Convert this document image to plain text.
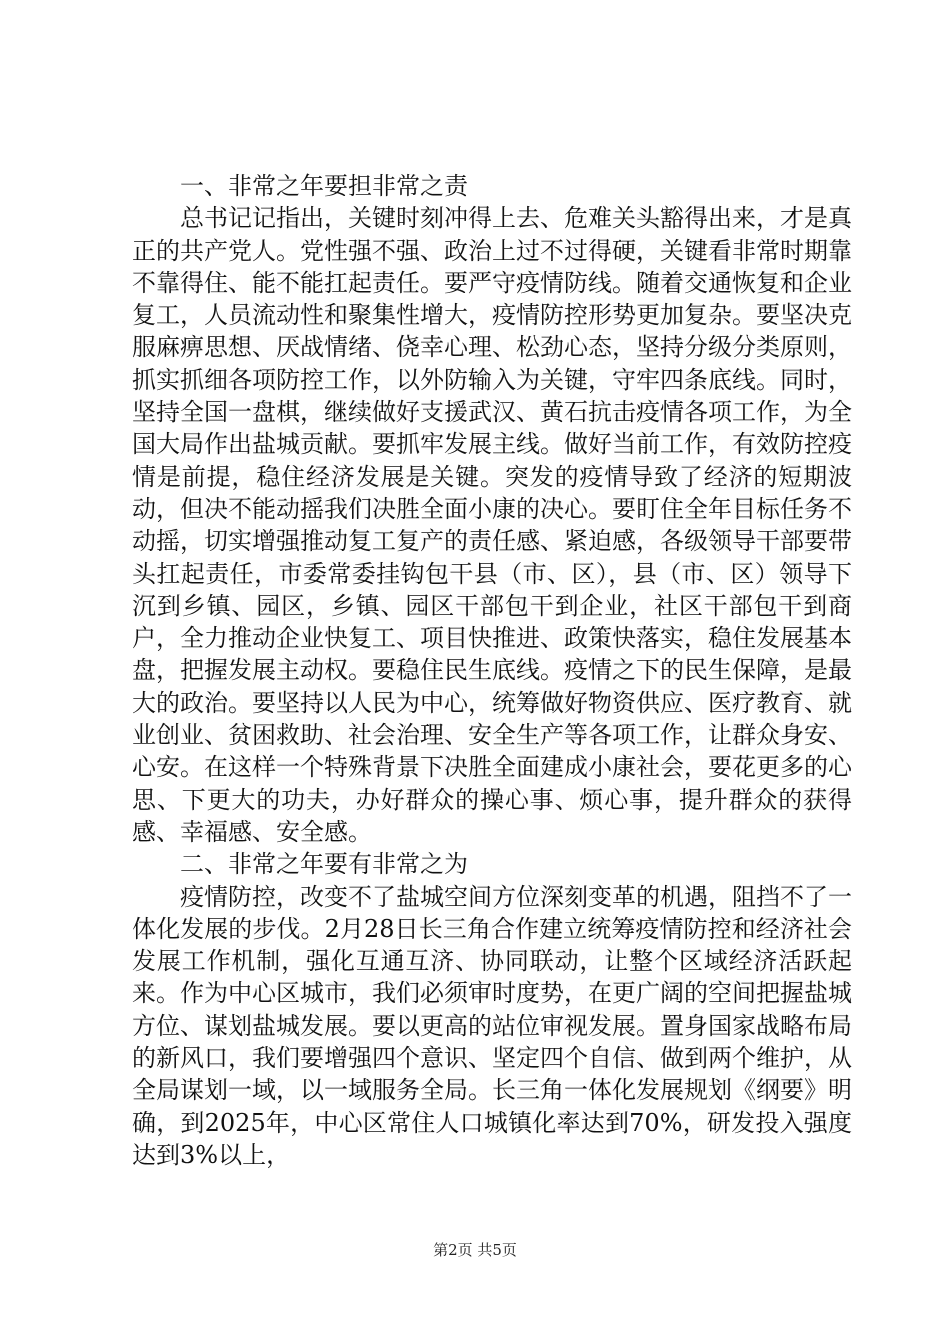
一、非常之年要担非常之责

总书记记指出，关键时刻冲得上去、危难关头豁得出来，才是真正的共产党人。党性强不强、政治上过不过得硬，关键看非常时期靠不靠得住、能不能扛起责任。要严守疫情防线。随着交通恢复和企业复工，人员流动性和聚集性增大，疫情防控形势更加复杂。要坚决克服麻痹思想、厌战情绪、侥幸心理、松劲心态，坚持分级分类原则，抓实抓细各项防控工作，以外防输入为关键，守牢四条底线。同时，坚持全国一盘棋，继续做好支援武汉、黄石抗击疫情各项工作，为全国大局作出盐城贡献。要抓牢发展主线。做好当前工作，有效防控疫情是前提，稳住经济发展是关键。突发的疫情导致了经济的短期波动，但决不能动摇我们决胜全面小康的决心。要盯住全年目标任务不动摇，切实增强推动复工复产的责任感、紧迫感，各级领导干部要带头扛起责任，市委常委挂钩包干县（市、区），县（市、区）领导下沉到乡镇、园区，乡镇、园区干部包干到企业，社区干部包干到商户，全力推动企业快复工、项目快推进、政策快落实，稳住发展基本盘，把握发展主动权。要稳住民生底线。疫情之下的民生保障，是最大的政治。要坚持以人民为中心，统筹做好物资供应、医疗教育、就业创业、贫困救助、社会治理、安全生产等各项工作，让群众身安、心安。在这样一个特殊背景下决胜全面建成小康社会，要花更多的心思、下更大的功夫，办好群众的操心事、烦心事，提升群众的获得感、幸福感、安全感。

二、非常之年要有非常之为

疫情防控，改变不了盐城空间方位深刻变革的机遇，阻挡不了一体化发展的步伐。2月28日长三角合作建立统筹疫情防控和经济社会发展工作机制，强化互通互济、协同联动，让整个区域经济活跃起来。作为中心区城市，我们必须审时度势，在更广阔的空间把握盐城方位、谋划盐城发展。要以更高的站位审视发展。置身国家战略布局的新风口，我们要增强四个意识、坚定四个自信、做到两个维护，从全局谋划一域，以一域服务全局。长三角一体化发展规划《纲要》明确，到2025年，中心区常住人口城镇化率达到70%，研发投入强度达到3%以上，

第2页 共5页
